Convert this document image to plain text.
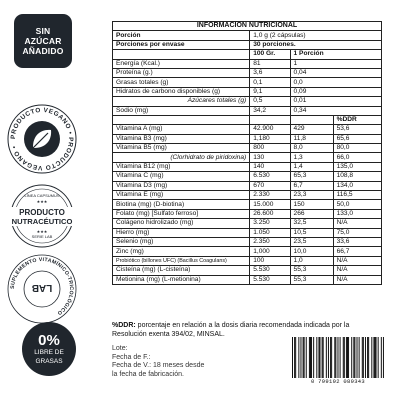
SIN
AZÚCAR
AÑADIDO
PRODUCTO VEGANO • PRODUCTO VEGANO •
LÍNEA CAPSUMUS
PRODUCTO
NUTRACÉUTICO
SERIE LAB
★★★
★★★
SUPLEMENTO VITAMÍNICO-TRICOLÓGICO
LAB
0%
LIBRE DE
GRASAS
INFORMACIÓN NUTRICIONAL			
Porción	1,0 g (2 cápsulas)		
Porciones por envase	30 porciones.		
	100 Gr.	1 Porción	
Energía (Kcal.)	81	1	
Proteína (g.)	3,6	0,04	
Grasas totales (g)	0,1	0,0	
Hidratos de carbono disponibles (g)	9,1	0,09	
Azúcares totales (g)	0,5	0,01	
Sodio (mg)	34,2	0,34	
			%DDR
Vitamina A (mg)	42.900	429	53,6
Vitamina B3 (mg)	1,180	11,8	65,6
Vitamina B5 (mg)	800	8,0	80,0
(Clorhidrato de piridoxina)	130	1,3	66,0
Vitamina B12 (mg)	140	1,4	135,0
Vitamina C (mg)	6.530	65,3	108,8
Vitamina D3 (mg)	670	6,7	134,0
Vitamina E (mg)	2.330	23,3	116,5
Biotina (mg) (D-biotina)	15.000	150	50,0
Folato (mg) [Sulfato ferroso]	26.600	266	133,0
Colágeno hidrolizado (mg)	3.250	32,5	N/A
Hierro (mg)	1.050	10,5	75,0
Selenio (mg)	2.350	23,5	33,6
Zinc (mg)	1,000	10,0	66,7
Probiótico (billones UFC) (Bacillus Coagulans)	100	1,0	N/A
Cisteína (mg) (L-cisteína)	5.530	55,3	N/A
Metionina (mg) (L-metionina)	5.530	55,3	N/A
%DDR: porcentaje en relación a la dosis diaria recomendada indicada por la Resolución exenta 394/02, MINSAL.
Lote:
Fecha de F.:
Fecha de V.: 18 meses desde
la fecha de fabricación.
0 799192 089343
